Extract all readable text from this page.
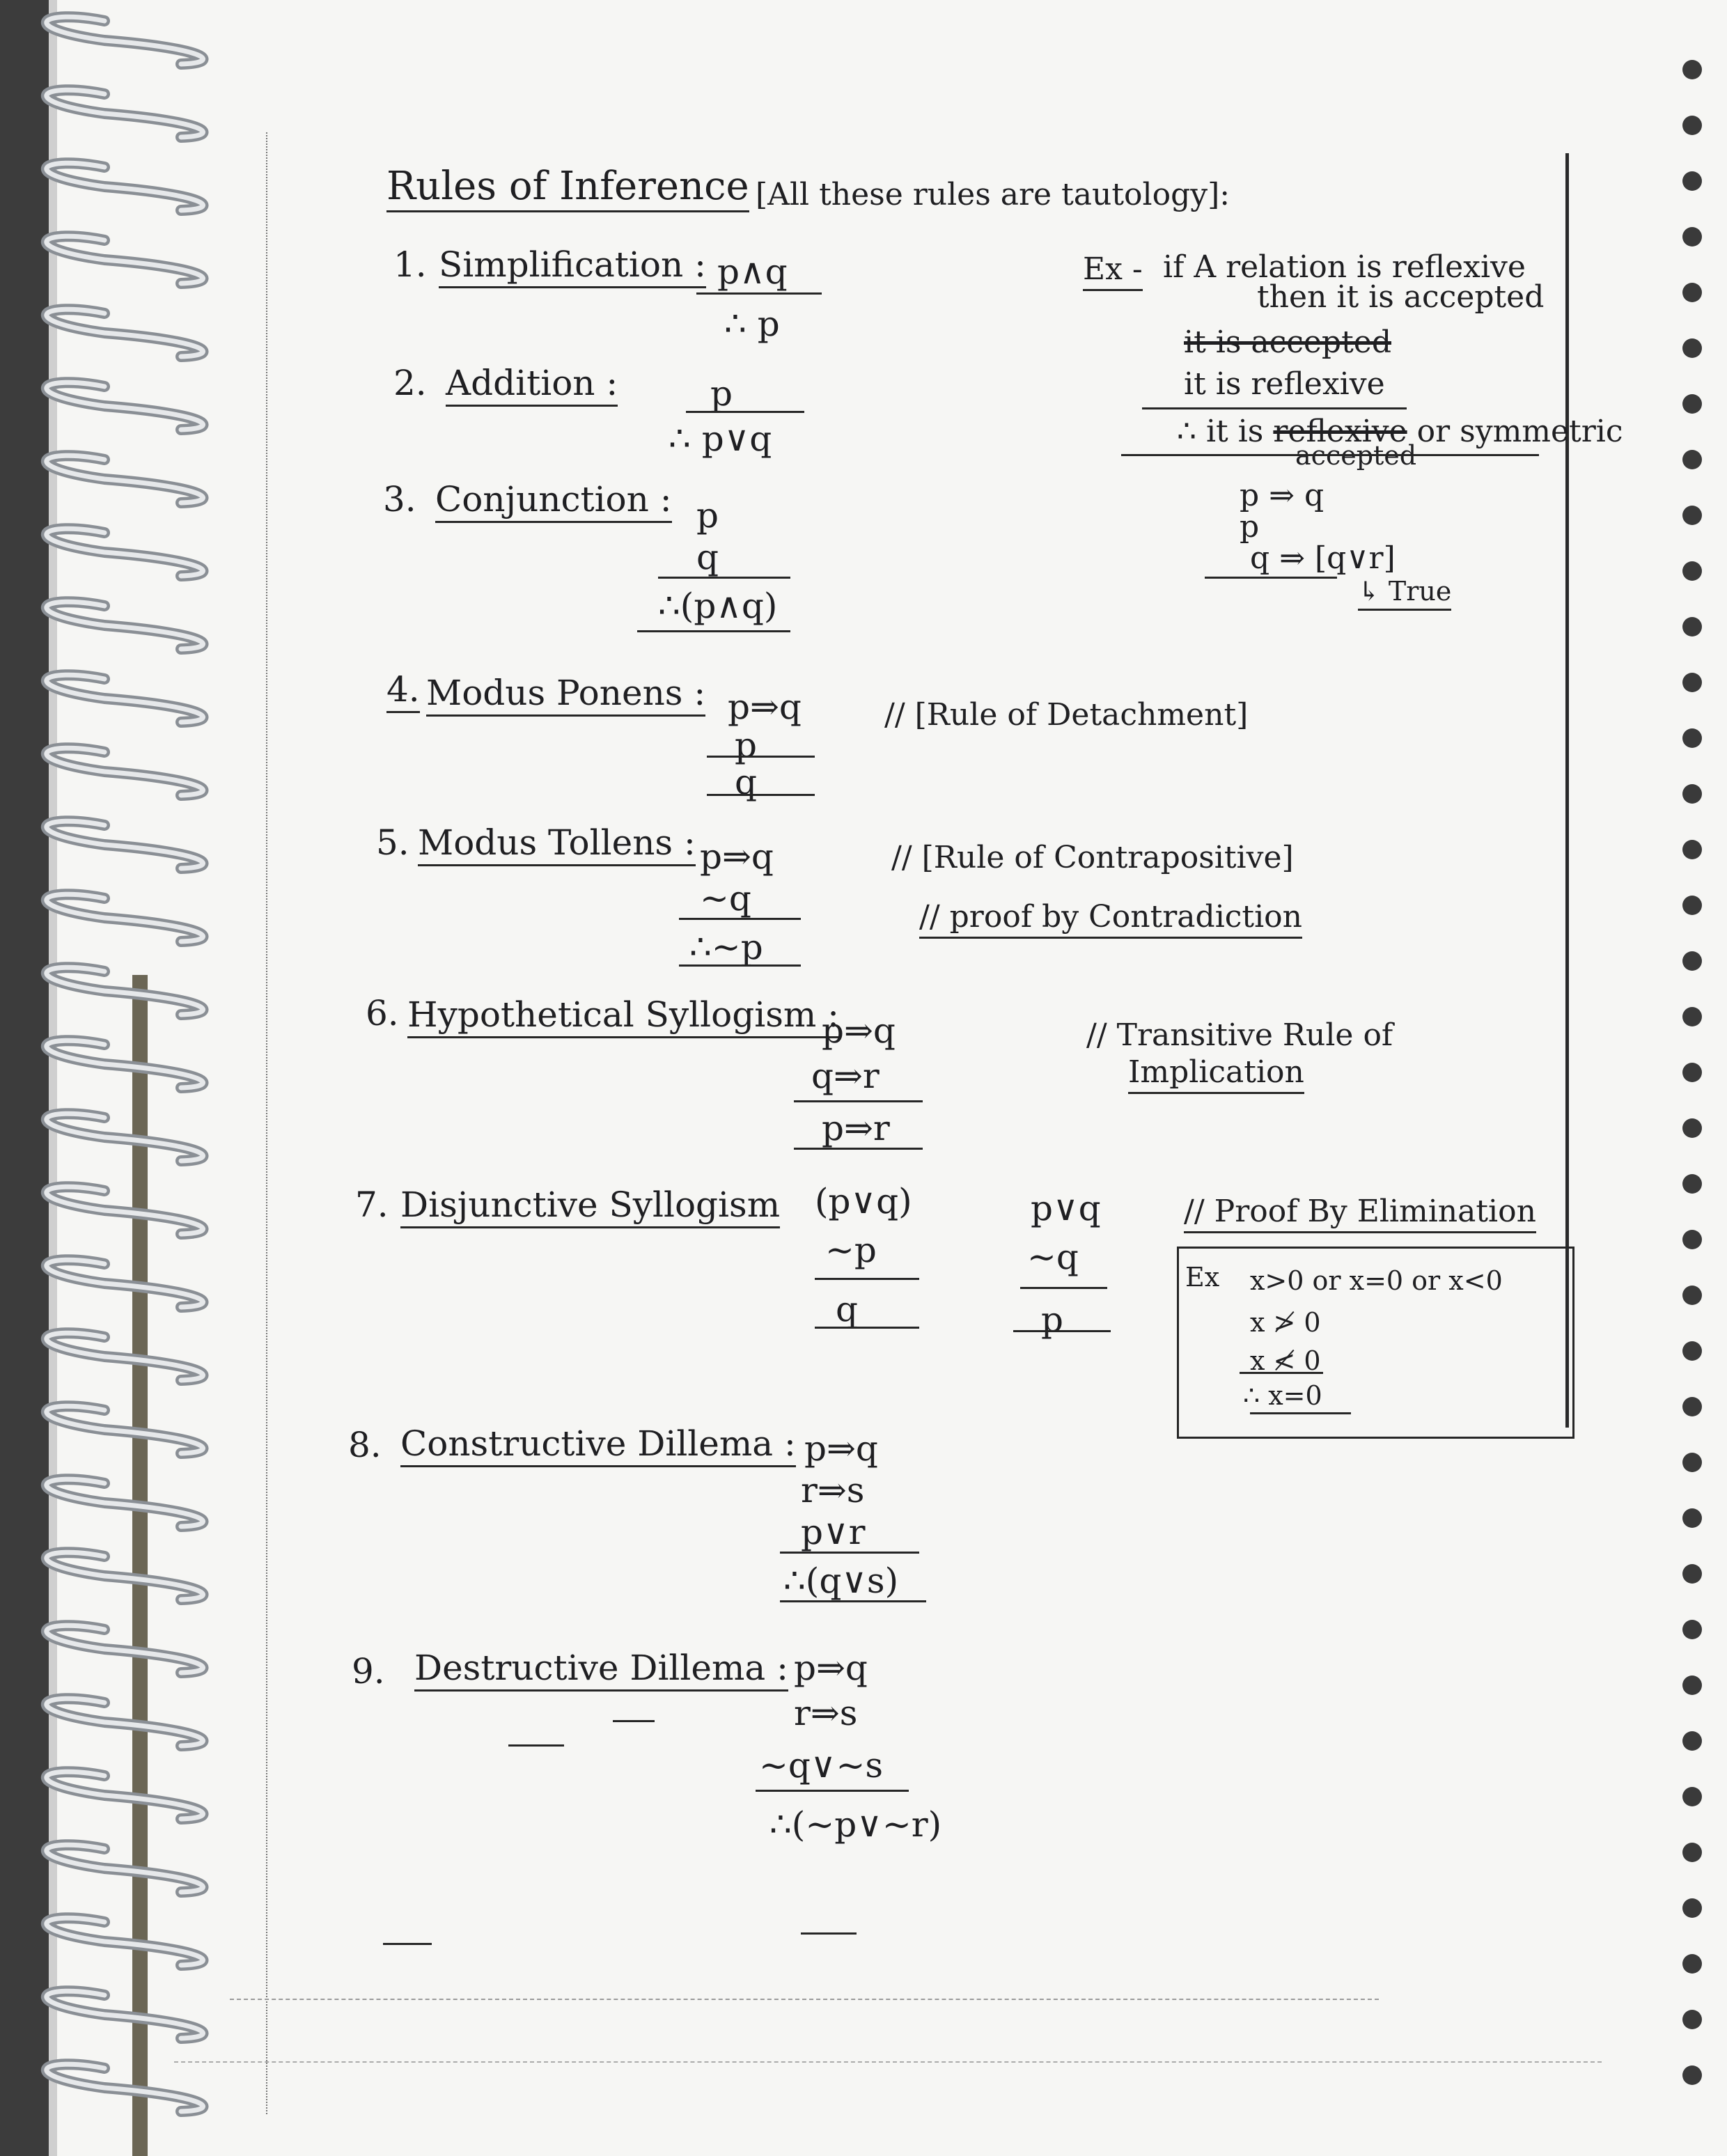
Rules of Inference [All these rules are tautology]:
1. Simplification : p∧q
∴ p
2. Addition :	p
∴ p∨q
3. Conjunction : p
q
∴(p∧q)
Ex - if A relation is reflexive
then it is accepted
it is accepted
it is reflexive
∴ it is reflexive or symmetric
accepted
p ⇒ q
p
q ⇒ [q∨r]
↳ True
4. Modus Ponens : p⇒q
p
q
// [Rule of Detachment]
5. Modus Tollens : p⇒q
~q
∴~p
// [Rule of Contrapositive]
// proof by Contradiction
6. Hypothetical Syllogism :
p⇒q
q⇒r
p⇒r
// Transitive Rule of
Implication
7. Disjunctive Syllogism (p∨q)
~p
q
p∨q
~q
p
// Proof By Elimination
Ex x>0 or x=0 or x<0
x ≯ 0
x ≮ 0
∴ x=0
8. Constructive Dillema : p⇒q
r⇒s
p∨r
∴(q∨s)
9. Destructive Dillema : p⇒q
r⇒s
~q∨~s
∴(~p∨~r)
